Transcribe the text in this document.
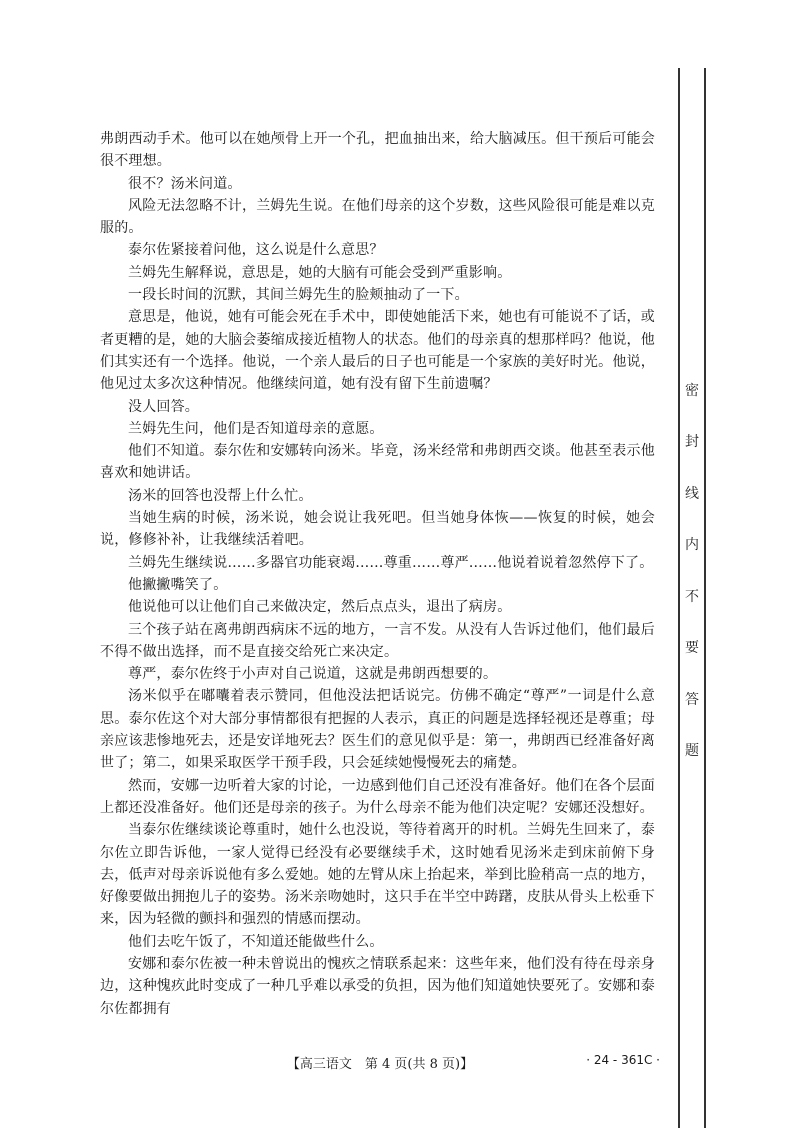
弗朗西动手术。他可以在她颅骨上开一个孔，把血抽出来，给大脑减压。但干预后可能会很不理想。

很不？汤米问道。

风险无法忽略不计，兰姆先生说。在他们母亲的这个岁数，这些风险很可能是难以克服的。

泰尔佐紧接着问他，这么说是什么意思？

兰姆先生解释说，意思是，她的大脑有可能会受到严重影响。

一段长时间的沉默，其间兰姆先生的脸颊抽动了一下。

意思是，他说，她有可能会死在手术中，即使她能活下来，她也有可能说不了话，或者更糟的是，她的大脑会萎缩成接近植物人的状态。他们的母亲真的想那样吗？他说，他们其实还有一个选择。他说，一个亲人最后的日子也可能是一个家族的美好时光。他说，他见过太多次这种情况。他继续问道，她有没有留下生前遗嘱？

没人回答。

兰姆先生问，他们是否知道母亲的意愿。

他们不知道。泰尔佐和安娜转向汤米。毕竟，汤米经常和弗朗西交谈。他甚至表示他喜欢和她讲话。

汤米的回答也没帮上什么忙。

当她生病的时候，汤米说，她会说让我死吧。但当她身体恢——恢复的时候，她会说，修修补补，让我继续活着吧。

兰姆先生继续说……多器官功能衰竭……尊重……尊严……他说着说着忽然停下了。

他撇撇嘴笑了。

他说他可以让他们自己来做决定，然后点点头，退出了病房。

三个孩子站在离弗朗西病床不远的地方，一言不发。从没有人告诉过他们，他们最后不得不做出选择，而不是直接交给死亡来决定。

尊严，泰尔佐终于小声对自己说道，这就是弗朗西想要的。

汤米似乎在嘟囔着表示赞同，但他没法把话说完。仿佛不确定“尊严”一词是什么意思。泰尔佐这个对大部分事情都很有把握的人表示，真正的问题是选择轻视还是尊重；母亲应该悲惨地死去，还是安详地死去？医生们的意见似乎是：第一，弗朗西已经准备好离世了；第二，如果采取医学干预手段，只会延续她慢慢死去的痛楚。

然而，安娜一边听着大家的讨论，一边感到他们自己还没有准备好。他们在各个层面上都还没准备好。他们还是母亲的孩子。为什么母亲不能为他们决定呢？安娜还没想好。

当泰尔佐继续谈论尊重时，她什么也没说，等待着离开的时机。兰姆先生回来了，泰尔佐立即告诉他，一家人觉得已经没有必要继续手术，这时她看见汤米走到床前俯下身去，低声对母亲诉说他有多么爱她。她的左臂从床上抬起来，举到比脸稍高一点的地方，好像要做出拥抱儿子的姿势。汤米亲吻她时，这只手在半空中踌躇，皮肤从骨头上松垂下来，因为轻微的颤抖和强烈的情感而摆动。

他们去吃午饭了，不知道还能做些什么。

安娜和泰尔佐被一种未曾说出的愧疚之情联系起来：这些年来，他们没有待在母亲身边，这种愧疚此时变成了一种几乎难以承受的负担，因为他们知道她快要死了。安娜和泰尔佐都拥有

【高三语文　第 4 页(共 8 页)】	· 24 - 361C ·
密
封
线
内
不
要
答
题
